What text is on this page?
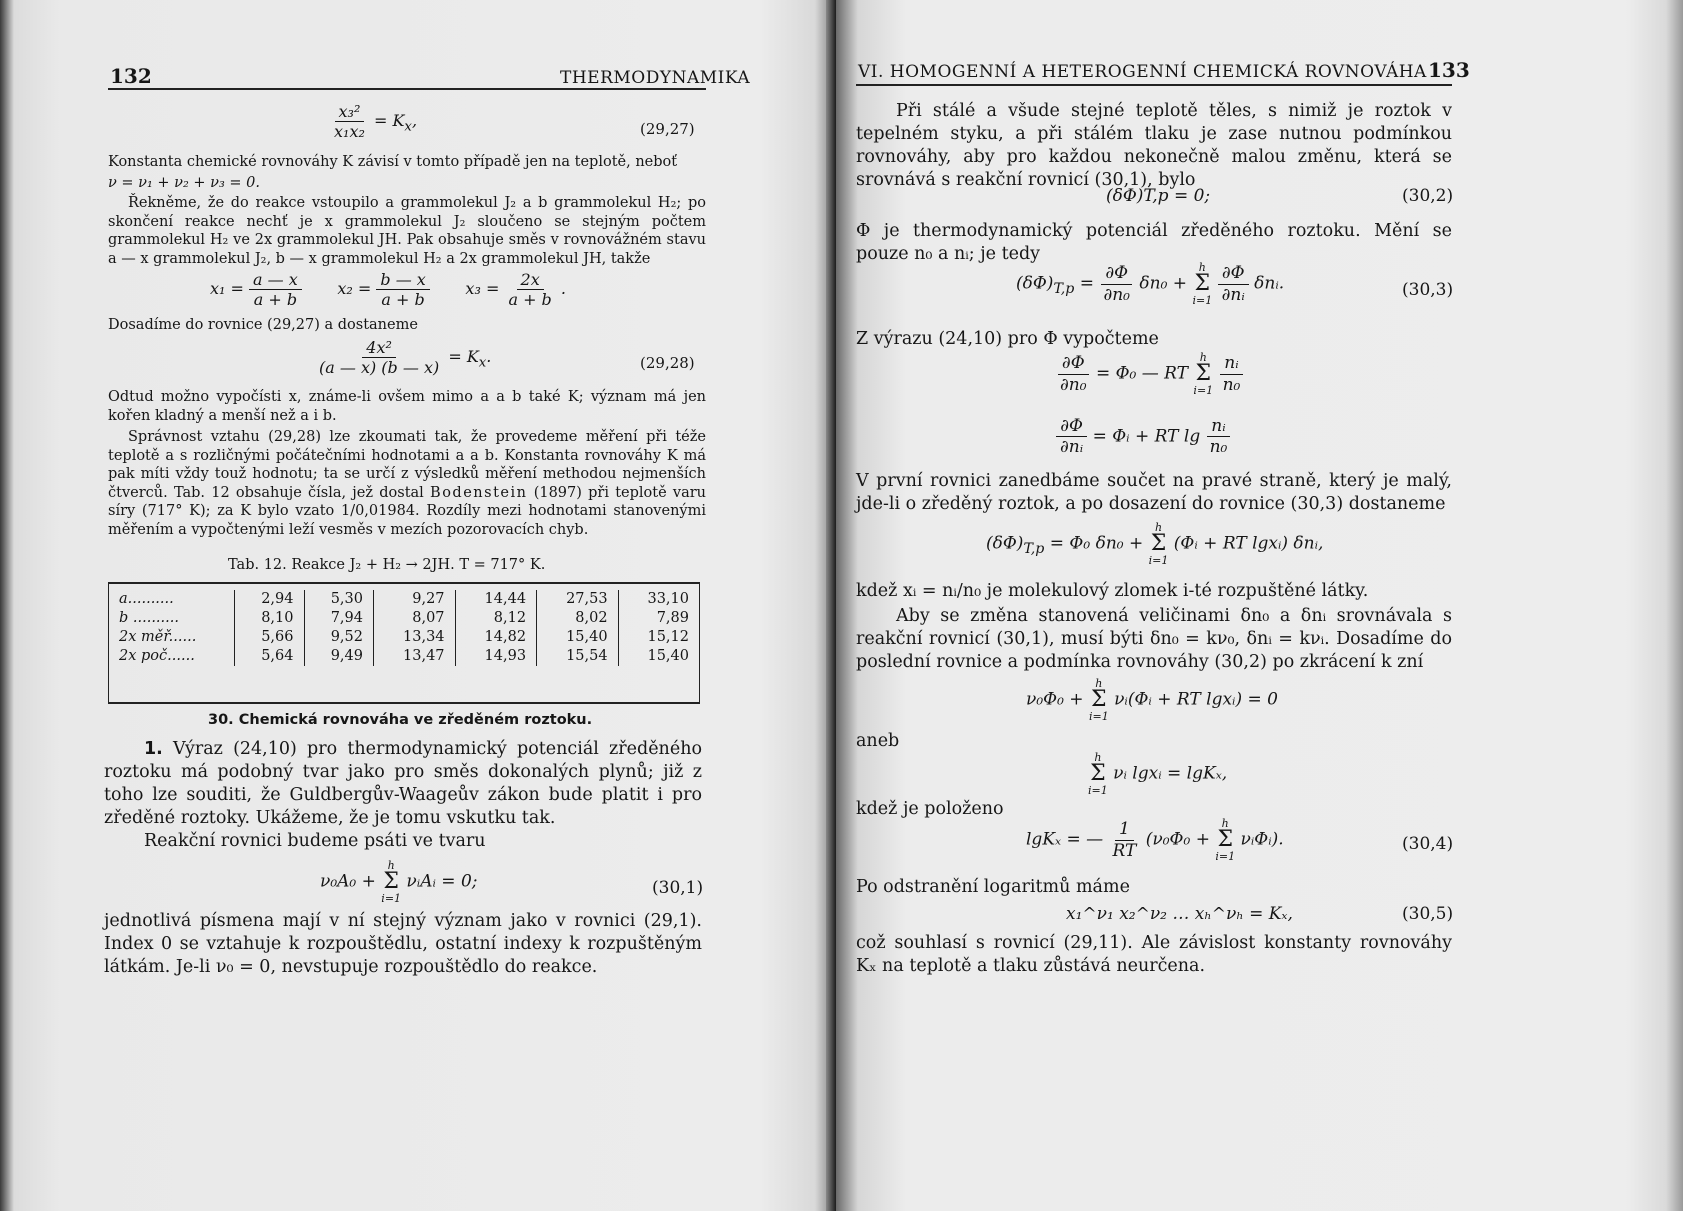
132	THERMODYNAMIKA
$\frac{\text{x₃²}}{\text{x₁x₂}} = K_x$,	(29,27)
Konstanta chemické rovnováhy K závisí v tomto případě jen na teplotě, neboť
ν = ν₁ + ν₂ + ν₃ = 0.
Řekněme, že do reakce vstoupilo a grammolekul J₂ a b grammolekul H₂; po skončení reakce nechť je x grammolekul J₂ sloučeno se stejným počtem grammolekul H₂ ve 2x grammolekul JH. Pak obsahuje směs v rovnovážném stavu a — x grammolekul J₂, b — x grammolekul H₂ a 2x grammolekul JH, takže
$x_1 = \frac{a — x}{a + b} x_2 = \frac{b — x}{a + b} x_3 = \frac{2x}{a + b}$ .
Dosadíme do rovnice (29,27) a dostaneme
$\frac{\text{4x²}}{(a — x) (b — x)} = K_x$.	(29,28)
Odtud možno vypočísti x, známe-li ovšem mimo a a b také K; význam má jen kořen kladný a menší než a i b.
Správnost vztahu (29,28) lze zkoumati tak, že provedeme měření při téže teplotě a s rozličnými počátečními hodnotami a a b. Konstanta rovnováhy K má pak míti vždy touž hodnotu; ta se určí z výsledků měření methodou nejmenších čtverců. Tab. 12 obsahuje čísla, jež dostal Bodenstein (1897) při teplotě varu síry (717° K); za K bylo vzato 1/0,01984. Rozdíly mezi hodnotami stanovenými měřením a vypočtenými leží vesměs v mezích pozorovacích chyb.
Tab. 12. Reakce J₂ + H₂ → 2JH. T = 717° K.
a..........	2,94	5,30	9,27	14,44	27,53	33,10
b ..........	8,10	7,94	8,07	8,12	8,02	7,89
2x měř......	5,66	9,52	13,34	14,82	15,40	15,12
2x poč......	5,64	9,49	13,47	14,93	15,54	15,40
30. Chemická rovnováha ve zředěném roztoku.
1. Výraz (24,10) pro thermodynamický potenciál zředěného roztoku má podobný tvar jako pro směs dokonalých plynů; již z toho lze souditi, že Guldbergův-Waageův zákon bude platit i pro zředěné roztoky. Ukážeme, že je tomu vskutku tak.
Reakční rovnici budeme psáti ve tvaru
ν₀A₀ +
h
Σ
i=1
νᵢAᵢ = 0;	(30,1)
jednotlivá písmena mají v ní stejný význam jako v rovnici (29,1). Index 0 se vztahuje k rozpouštědlu, ostatní indexy k rozpuštěným látkám. Je-li ν₀ = 0, nevstupuje rozpouštědlo do reakce.
VI. HOMOGENNÍ A HETEROGENNÍ CHEMICKÁ ROVNOVÁHA 133
Při stálé a všude stejné teplotě těles, s nimiž je roztok v tepelném styku, a při stálém tlaku je zase nutnou podmínkou rovnováhy, aby pro každou nekonečně malou změnu, která se srovnává s reakční rovnicí (30,1), bylo
(δΦ)T,p = 0;	(30,2)
Φ je thermodynamický potenciál zředěného roztoku. Mění se pouze n₀ a nᵢ; je tedy
$(\delta\Phi)_{T,p} = \frac{\partial\Phi}{\text{∂n₀}} \delta n_0$ +
h
Σ
i=1
$\frac{\partial\Phi}{\text{∂nᵢ}}$ δnᵢ.	(30,3)
Z výrazu (24,10) pro Φ vypočteme
$\frac{\partial\Phi}{\text{∂n₀}} = \Phi_0$ — RT
h
Σ
i=1
$\frac{\text{nᵢ}}{\text{n₀}}$
$\frac{\partial\Phi}{\text{∂nᵢ}}$ = Φᵢ + RT $\lg \frac{\text{nᵢ}}{\text{n₀}}$
V první rovnici zanedbáme součet na pravé straně, který je malý, jde-li o zředěný roztok, a po dosazení do rovnice (30,3) dostaneme
$(\delta\Phi)_{T,p} = \Phi_0$ δn₀ +
h
Σ
i=1
(Φᵢ + RT lgxᵢ) δnᵢ,
kdež xᵢ = nᵢ/n₀ je molekulový zlomek i-té rozpuštěné látky.
Aby se změna stanovená veličinami δn₀ a δnᵢ srovnávala s reakční rovnicí (30,1), musí býti δn₀ = kν₀, δnᵢ = kνᵢ. Dosadíme do poslední rovnice a podmínka rovnováhy (30,2) po zkrácení k zní
ν₀Φ₀ +
h
Σ
i=1
νᵢ(Φᵢ + RT lgxᵢ) = 0
aneb
h
Σ
i=1
νᵢ lgxᵢ = lgKₓ,
kdež je položeno
lgKₓ = — $\frac{1}{RT} (\nu_0\Phi_0$ +
h
Σ
i=1
νᵢΦᵢ).	(30,4)
Po odstranění logaritmů máme
x₁^ν₁ x₂^ν₂ … xₕ^νₕ = Kₓ,	(30,5)
což souhlasí s rovnicí (29,11). Ale závislost konstanty rovnováhy Kₓ na teplotě a tlaku zůstává neurčena.
